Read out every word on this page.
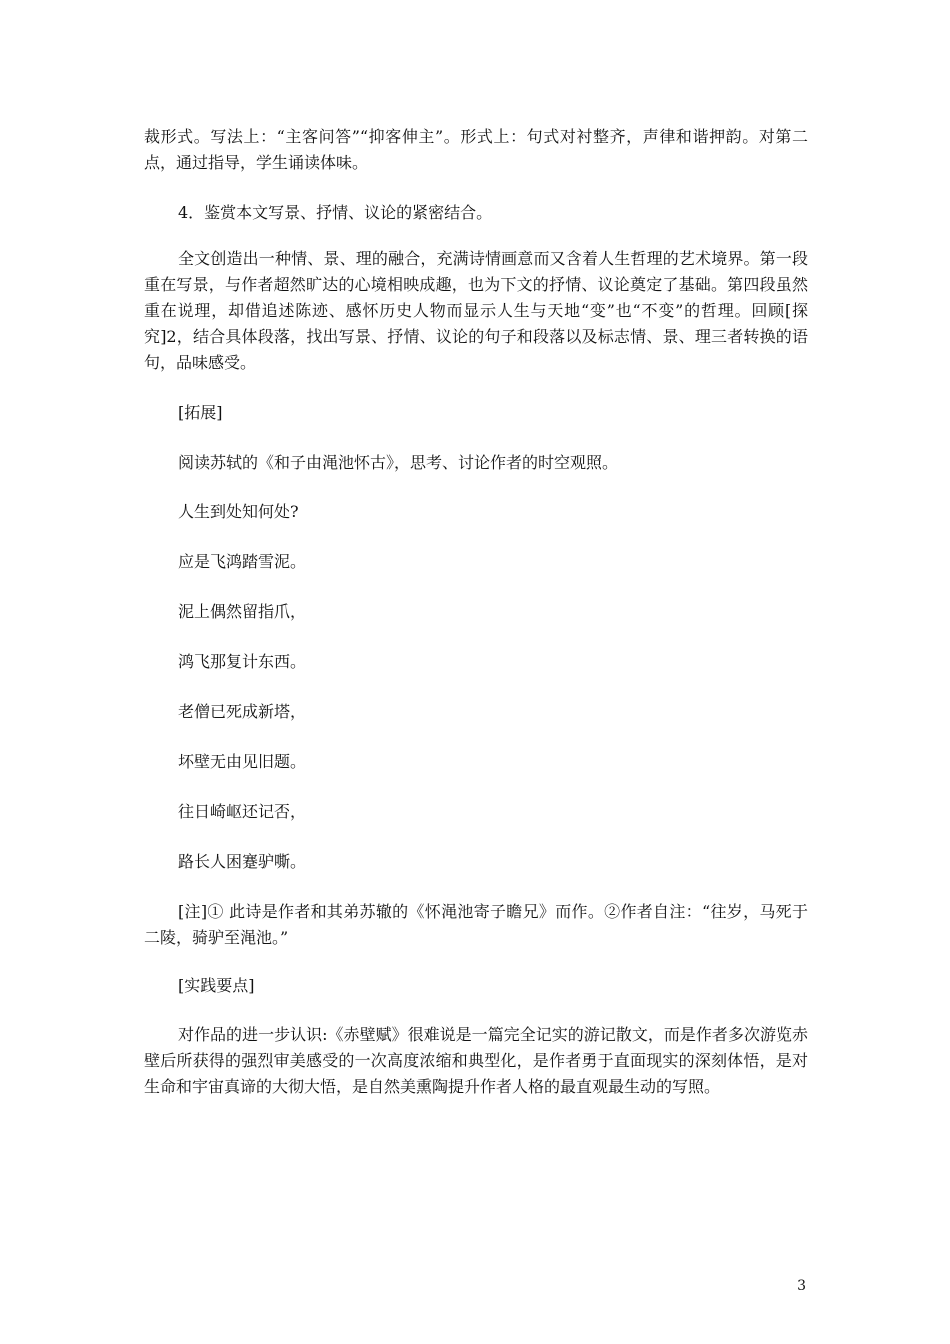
裁形式。写法上：“主客问答”“抑客伸主”。形式上：句式对衬整齐，声律和谐押韵。对第二点，通过指导，学生诵读体味。

4．鉴赏本文写景、抒情、议论的紧密结合。

全文创造出一种情、景、理的融合，充满诗情画意而又含着人生哲理的艺术境界。第一段重在写景，与作者超然旷达的心境相映成趣，也为下文的抒情、议论奠定了基础。第四段虽然重在说理，却借追述陈迹、感怀历史人物而显示人生与天地“变”也“不变”的哲理。回顾[探究]2，结合具体段落，找出写景、抒情、议论的句子和段落以及标志情、景、理三者转换的语句，品味感受。

[拓展]

阅读苏轼的《和子由渑池怀古》，思考、讨论作者的时空观照。

人生到处知何处?

应是飞鸿踏雪泥。

泥上偶然留指爪，

鸿飞那复计东西。

老僧已死成新塔，

坏壁无由见旧题。

往日崎岖还记否，

路长人困蹇驴嘶。

[注]① 此诗是作者和其弟苏辙的《怀渑池寄子瞻兄》而作。②作者自注：“往岁，马死于二陵，骑驴至渑池。”

[实践要点]

对作品的进一步认识:《赤壁赋》很难说是一篇完全记实的游记散文，而是作者多次游览赤壁后所获得的强烈审美感受的一次高度浓缩和典型化，是作者勇于直面现实的深刻体悟，是对生命和宇宙真谛的大彻大悟，是自然美熏陶提升作者人格的最直观最生动的写照。

3
